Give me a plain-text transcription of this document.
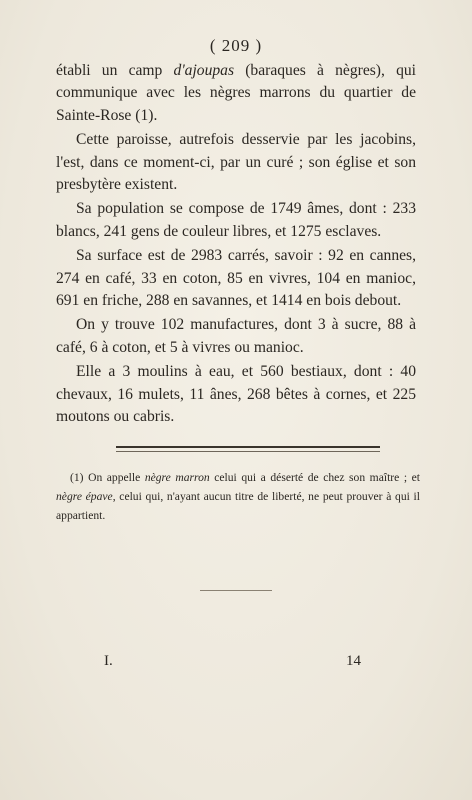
( 209 )

établi un camp d'ajoupas (baraques à nègres), qui communique avec les nègres marrons du quartier de Sainte-Rose (1).

Cette paroisse, autrefois desservie par les jacobins, l'est, dans ce moment-ci, par un curé ; son église et son presbytère existent.

Sa population se compose de 1749 âmes, dont : 233 blancs, 241 gens de couleur libres, et 1275 esclaves.

Sa surface est de 2983 carrés, savoir : 92 en cannes, 274 en café, 33 en coton, 85 en vivres, 104 en manioc, 691 en friche, 288 en savannes, et 1414 en bois debout.

On y trouve 102 manufactures, dont 3 à sucre, 88 à café, 6 à coton, et 5 à vivres ou manioc.

Elle a 3 moulins à eau, et 560 bestiaux, dont : 40 chevaux, 16 mulets, 11 ânes, 268 bêtes à cornes, et 225 moutons ou cabris.

(1) On appelle nègre marron celui qui a déserté de chez son maître ; et nègre épave, celui qui, n'ayant aucun titre de liberté, ne peut prouver à qui il appartient.

I.	14
